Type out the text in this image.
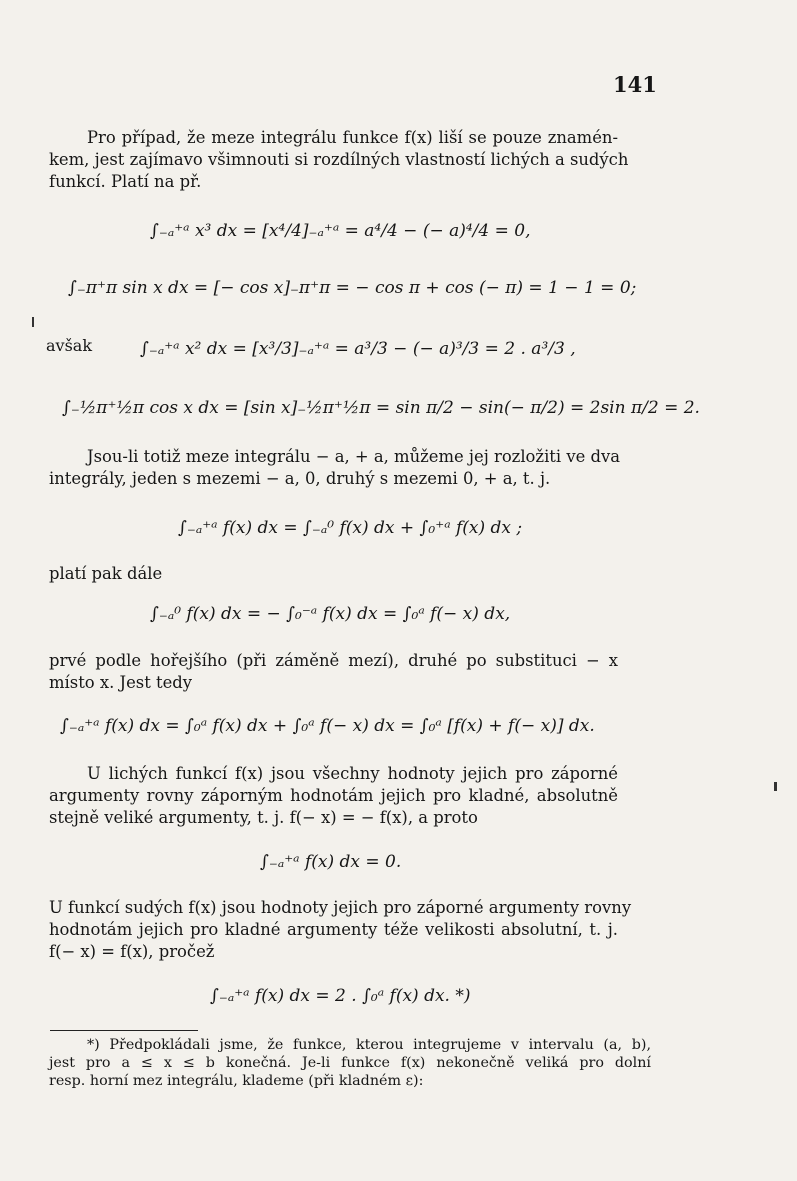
141
Pro případ, že meze integrálu funkce f(x) liší se pouze znamén-
kem, jest zajímavo všimnouti si rozdílných vlastností lichých a sudých
funkcí. Platí na př.
∫₋ₐ⁺ᵃ x³ dx = [x⁴/4]₋ₐ⁺ᵃ = a⁴/4 − (− a)⁴/4 = 0,
∫₋π⁺π sin x dx = [− cos x]₋π⁺π = − cos π + cos (− π) = 1 − 1 = 0;
avšak	∫₋ₐ⁺ᵃ x² dx = [x³/3]₋ₐ⁺ᵃ = a³/3 − (− a)³/3 = 2 . a³/3 ,
∫₋½π⁺½π cos x dx = [sin x]₋½π⁺½π = sin π/2 − sin(− π/2) = 2sin π/2 = 2.
Jsou-li totiž meze integrálu − a, + a, můžeme jej rozložiti ve dva
integrály, jeden s mezemi − a, 0, druhý s mezemi 0, + a, t. j.
∫₋ₐ⁺ᵃ f(x) dx = ∫₋ₐ⁰ f(x) dx + ∫₀⁺ᵃ f(x) dx ;
platí pak dále
∫₋ₐ⁰ f(x) dx = − ∫₀⁻ᵃ f(x) dx = ∫₀ᵃ f(− x) dx,
prvé podle hořejšího (při záměně mezí), druhé po substituci − x
místo x. Jest tedy
∫₋ₐ⁺ᵃ f(x) dx = ∫₀ᵃ f(x) dx + ∫₀ᵃ f(− x) dx = ∫₀ᵃ [f(x) + f(− x)] dx.
U lichých funkcí f(x) jsou všechny hodnoty jejich pro záporné
argumenty rovny záporným hodnotám jejich pro kladné, absolutně
stejně veliké argumenty, t. j. f(− x) = − f(x), a proto
∫₋ₐ⁺ᵃ f(x) dx = 0.
U funkcí sudých f(x) jsou hodnoty jejich pro záporné argumenty rovny
hodnotám jejich pro kladné argumenty téže velikosti absolutní, t. j.
f(− x) = f(x), pročež
∫₋ₐ⁺ᵃ f(x) dx = 2 . ∫₀ᵃ f(x) dx. *)
*) Předpokládali jsme, že funkce, kterou integrujeme v intervalu (a, b),
jest pro a ≤ x ≤ b konečná. Je-li funkce f(x) nekonečně veliká pro dolní
resp. horní mez integrálu, klademe (při kladném ε):
